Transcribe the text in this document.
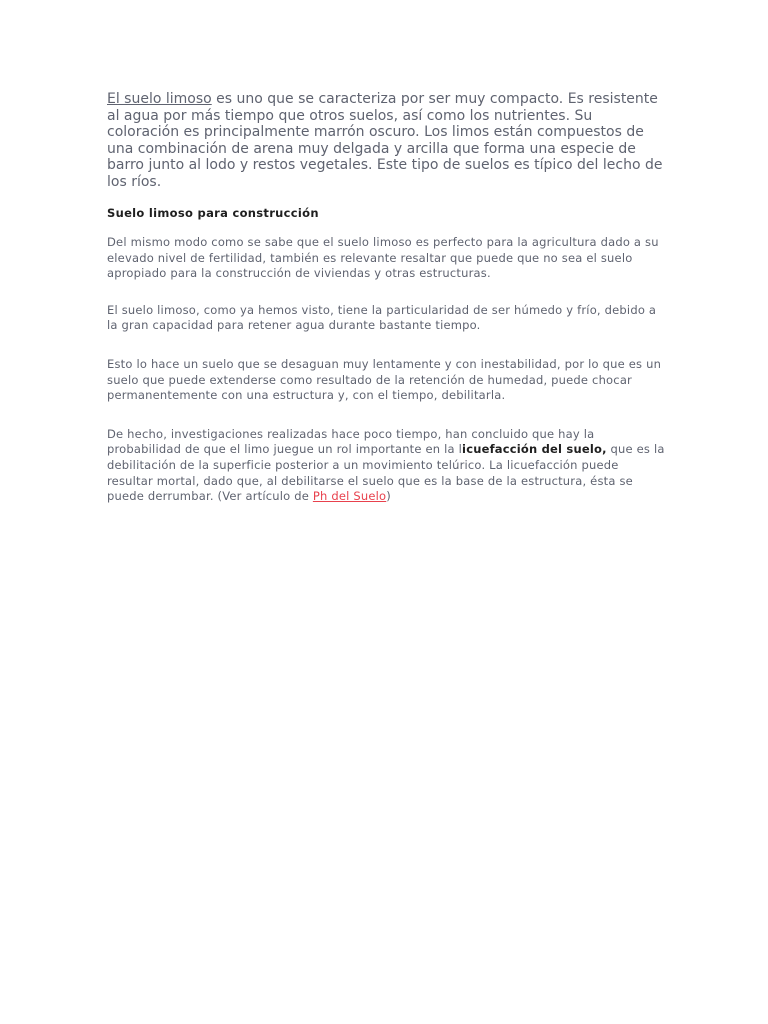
El suelo limoso es uno que se caracteriza por ser muy compacto. Es resistente al agua por más tiempo que otros suelos, así como los nutrientes. Su coloración es principalmente marrón oscuro. Los limos están compuestos de una combinación de arena muy delgada y arcilla que forma una especie de barro junto al lodo y restos vegetales. Este tipo de suelos es típico del lecho de los ríos.

Suelo limoso para construcción

Del mismo modo como se sabe que el suelo limoso es perfecto para la agricultura dado a su elevado nivel de fertilidad, también es relevante resaltar que puede que no sea el suelo apropiado para la construcción de viviendas y otras estructuras.

El suelo limoso, como ya hemos visto, tiene la particularidad de ser húmedo y frío, debido a la gran capacidad para retener agua durante bastante tiempo.

Esto lo hace un suelo que se desaguan muy lentamente y con inestabilidad, por lo que es un suelo que puede extenderse como resultado de la retención de humedad, puede chocar permanentemente con una estructura y, con el tiempo, debilitarla.

De hecho, investigaciones realizadas hace poco tiempo, han concluido que hay la probabilidad de que el limo juegue un rol importante en la licuefacción del suelo, que es la debilitación de la superficie posterior a un movimiento telúrico. La licuefacción puede resultar mortal, dado que, al debilitarse el suelo que es la base de la estructura, ésta se puede derrumbar. (Ver artículo de Ph del Suelo)
